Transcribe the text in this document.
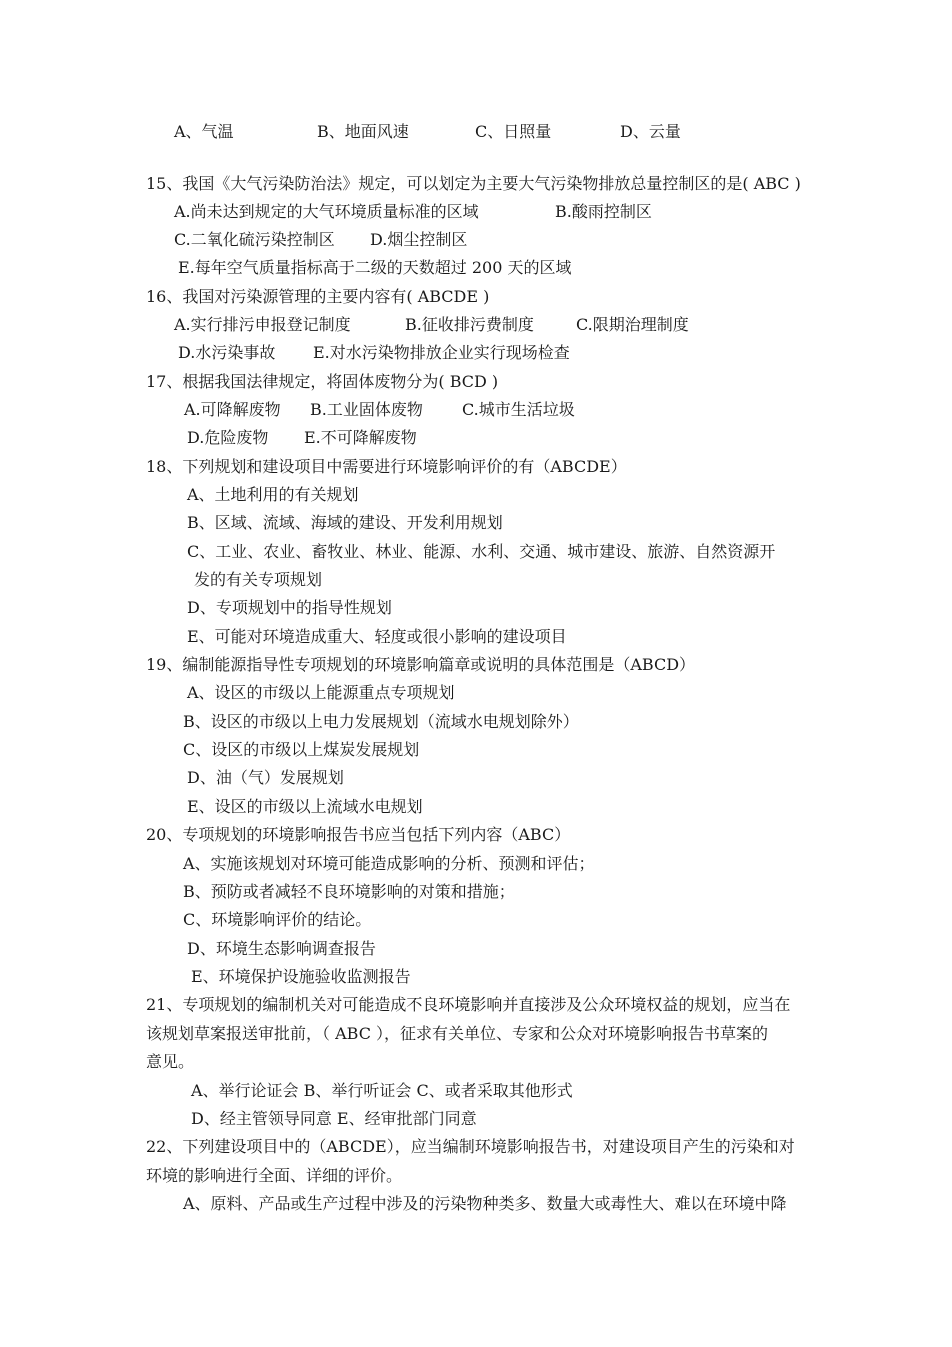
A、气温	B、地面风速	C、日照量	D、云量
15、我国《大气污染防治法》规定，可以划定为主要大气污染物排放总量控制区的是( ABC )
A.尚未达到规定的大气环境质量标准的区域	B.酸雨控制区
C.二氧化硫污染控制区 D.烟尘控制区
E.每年空气质量指标高于二级的天数超过 200 天的区域
16、我国对污染源管理的主要内容有( ABCDE )
A.实行排污申报登记制度	B.征收排污费制度	C.限期治理制度
D.水污染事故 E.对水污染物排放企业实行现场检查
17、根据我国法律规定，将固体废物分为( BCD )
A.可降解废物 B.工业固体废物 C.城市生活垃圾
D.危险废物 E.不可降解废物
18、下列规划和建设项目中需要进行环境影响评价的有（ABCDE）
A、土地利用的有关规划
B、区域、流域、海域的建设、开发利用规划
C、工业、农业、畜牧业、林业、能源、水利、交通、城市建设、旅游、自然资源开
发的有关专项规划
D、专项规划中的指导性规划
E、可能对环境造成重大、轻度或很小影响的建设项目
19、编制能源指导性专项规划的环境影响篇章或说明的具体范围是（ABCD）
A、设区的市级以上能源重点专项规划
B、设区的市级以上电力发展规划（流域水电规划除外）
C、设区的市级以上煤炭发展规划
D、油（气）发展规划
E、设区的市级以上流域水电规划
20、专项规划的环境影响报告书应当包括下列内容（ABC）
A、实施该规划对环境可能造成影响的分析、预测和评估；
B、预防或者减轻不良环境影响的对策和措施；
C、环境影响评价的结论。
D、环境生态影响调查报告
E、环境保护设施验收监测报告
21、专项规划的编制机关对可能造成不良环境影响并直接涉及公众环境权益的规划，应当在
该规划草案报送审批前，（ ABC ），征求有关单位、专家和公众对环境影响报告书草案的
意见。
A、举行论证会 B、举行听证会 C、或者采取其他形式
D、经主管领导同意 E、经审批部门同意
22、下列建设项目中的（ABCDE），应当编制环境影响报告书，对建设项目产生的污染和对
环境的影响进行全面、详细的评价。
A、原料、产品或生产过程中涉及的污染物种类多、数量大或毒性大、难以在环境中降
